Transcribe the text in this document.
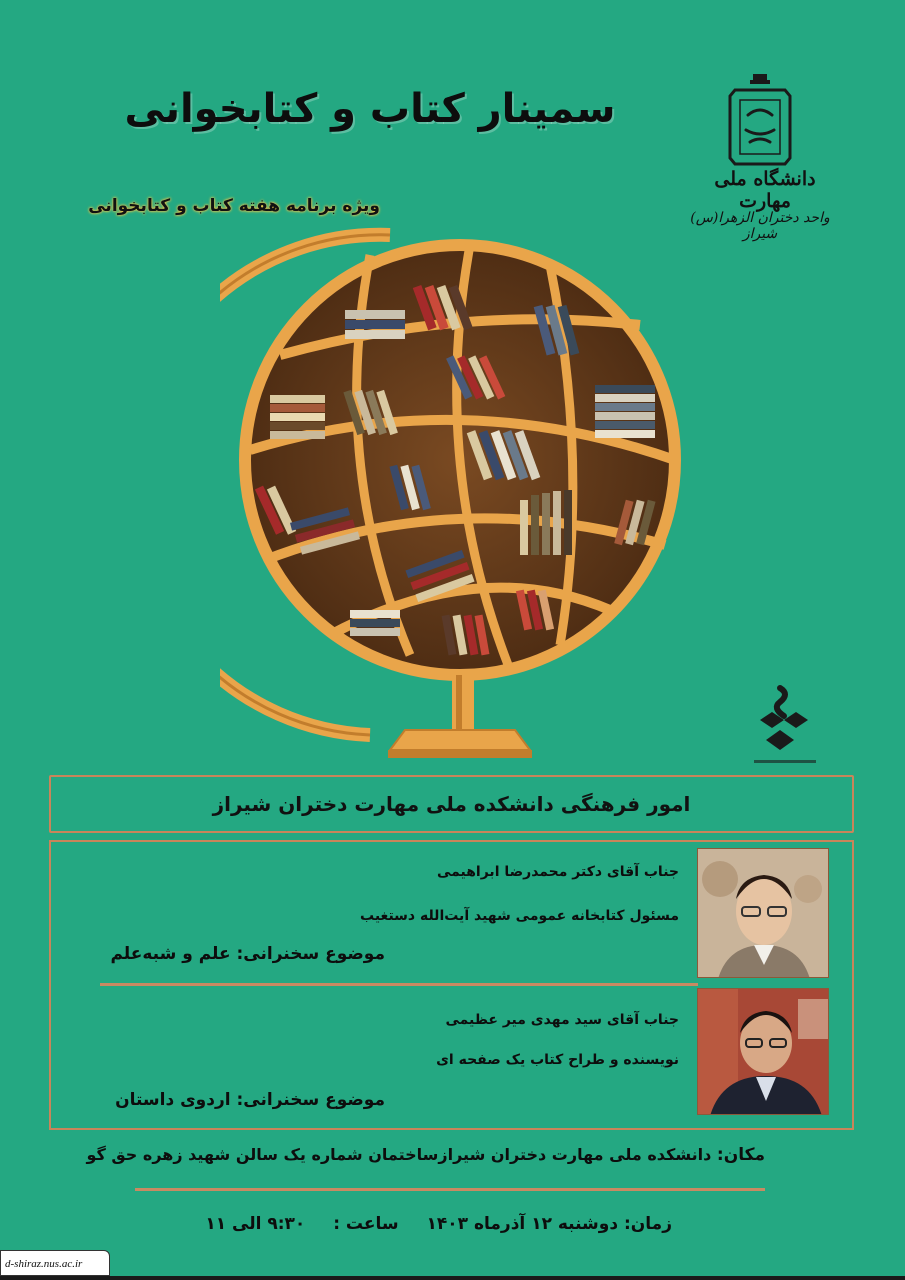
سمینار کتاب و کتابخوانی
ویژه برنامه هفته کتاب و کتابخوانی
دانشگاه ملی مهارت
واحد دختران الزهرا(س) شیراز
امور فرهنگی دانشکده ملی مهارت دختران شیراز
جناب آقای دکتر محمدرضا ابراهیمی
مسئول کتابخانه عمومی شهید آیت‌الله دستغیب
موضوع سخنرانی: علم و شبه‌علم
جناب آقای سید مهدی میر عظیمی
نویسنده و طراح کتاب یک صفحه ای
موضوع سخنرانی: اردوی داستان
مکان: دانشکده ملی مهارت دختران شیرازساختمان شماره یک سالن شهید زهره حق گو
زمان: دوشنبه ۱۲ آذرماه ۱۴۰۳ ساعت : ۹:۳۰ الی ۱۱
d-shiraz.nus.ac.ir
